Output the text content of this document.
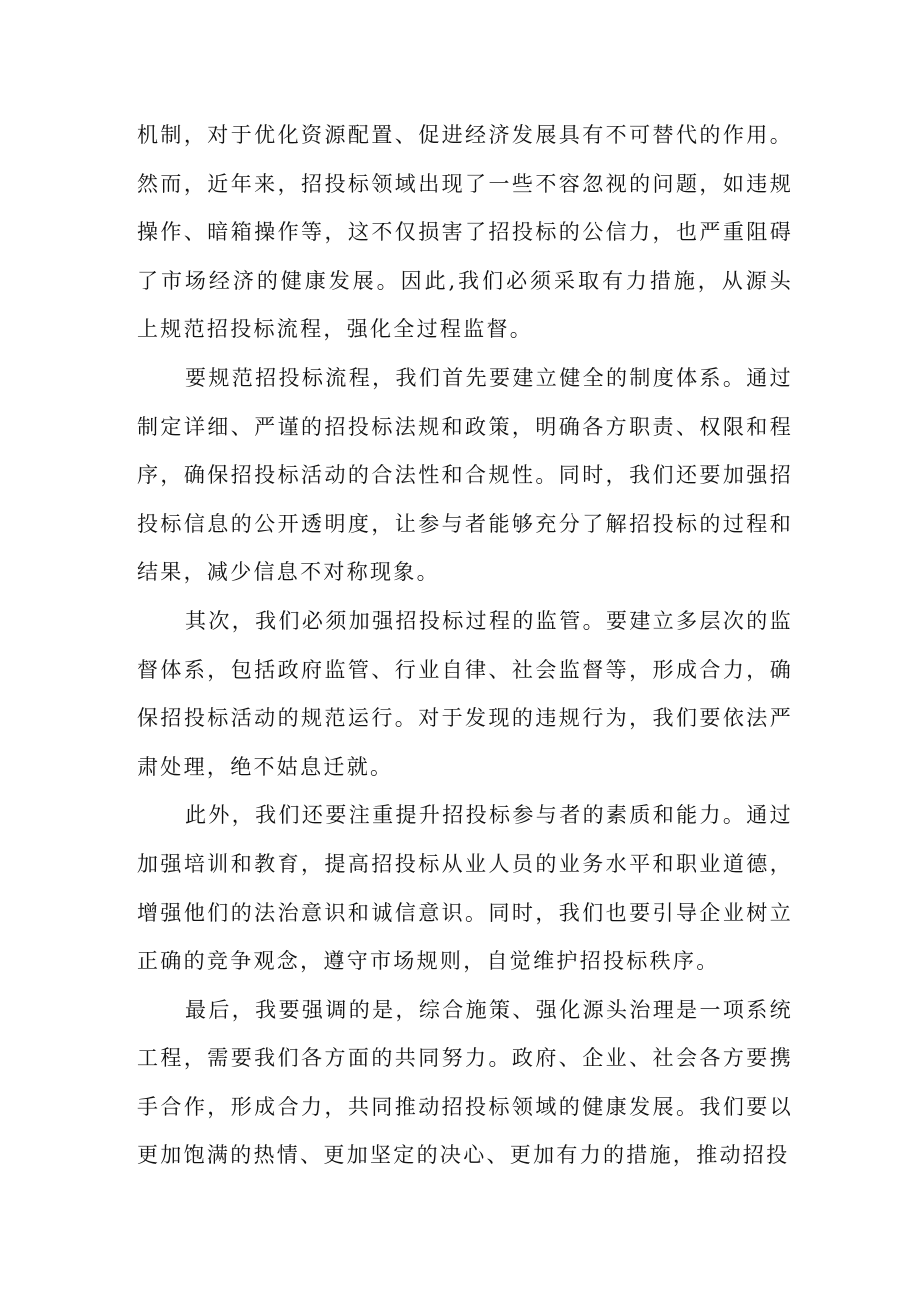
机制，对于优化资源配置、促进经济发展具有不可替代的作用。然而，近年来，招投标领域出现了一些不容忽视的问题，如违规操作、暗箱操作等，这不仅损害了招投标的公信力，也严重阻碍了市场经济的健康发展。因此,我们必须采取有力措施，从源头上规范招投标流程，强化全过程监督。

要规范招投标流程，我们首先要建立健全的制度体系。通过制定详细、严谨的招投标法规和政策，明确各方职责、权限和程序，确保招投标活动的合法性和合规性。同时，我们还要加强招投标信息的公开透明度，让参与者能够充分了解招投标的过程和结果，减少信息不对称现象。

其次，我们必须加强招投标过程的监管。要建立多层次的监督体系，包括政府监管、行业自律、社会监督等，形成合力，确保招投标活动的规范运行。对于发现的违规行为，我们要依法严肃处理，绝不姑息迁就。

此外，我们还要注重提升招投标参与者的素质和能力。通过加强培训和教育，提高招投标从业人员的业务水平和职业道德，增强他们的法治意识和诚信意识。同时，我们也要引导企业树立正确的竞争观念，遵守市场规则，自觉维护招投标秩序。

最后，我要强调的是，综合施策、强化源头治理是一项系统工程，需要我们各方面的共同努力。政府、企业、社会各方要携手合作，形成合力，共同推动招投标领域的健康发展。我们要以更加饱满的热情、更加坚定的决心、更加有力的措施，推动招投
